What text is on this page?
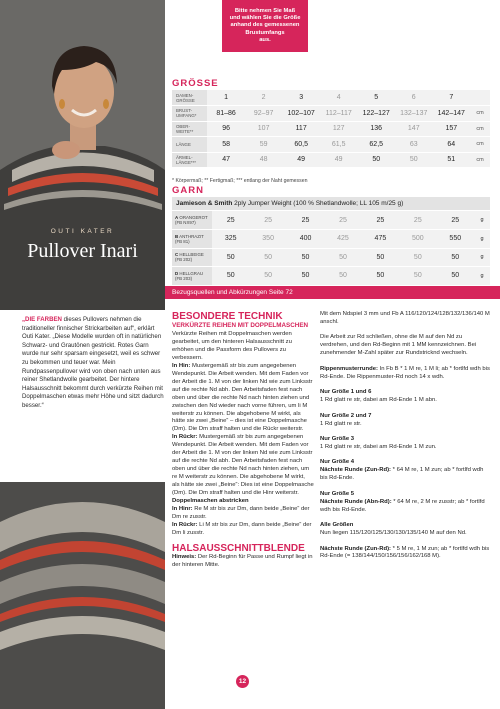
OUTI KATER
Pullover Inari
Bitte nehmen Sie Maß
und wählen Sie die Größe
anhand des gemessenen
Brustumfangs
aus.
GRÖSSE
DAMEN-
GRÖSSE	1	2	3	4	5	6	7	

BRUST-
UMFANG*	81–86	92–97	102–107	112–117	122–127	132–137	142–147	cm

OBER-
WEITE**	96	107	117	127	136	147	157	cm

LÄNGE	58	59	60,5	61,5	62,5	63	64	cm

ÄRMEL-
LÄNGE***	47	48	49	49	50	50	51	cm
* Körpermaß; ** Fertigmaß; *** entlang der Naht gemessen
GARN
Jamieson & Smith 2ply Jumper Weight (100 % Shetlandwolle; LL 105 m/25 g)
A ORANGEROT
(FB NX97)	25	25	25	25	25	25	25	g

B ANTHRAZIT
(FB 81)	325	350	400	425	475	500	550	g

C HELLBEIGE
(FB 202)	50	50	50	50	50	50	50	g

D HELLGRAU
(FB 203)	50	50	50	50	50	50	50	g
Bezugsquellen und Abkürzungen Seite 72
„DIE FARBEN dieses Pullovers nehmen die traditioneller finnischer Strickarbeiten auf“, erklärt Outi Kater. „Diese Modelle wurden oft in natürlichen Schwarz- und Grautönen gestrickt. Rotes Garn wurde nur sehr sparsam eingesetzt, weil es schwer zu bekommen und teuer war. Mein Rundpassenpullover wird von oben nach unten aus reiner Shetlandwolle gearbeitet. Der hintere Halsausschnitt bekommt durch verkürzte Reihen mit Doppelmaschen etwas mehr Höhe und sitzt dadurch besser.“
BESONDERE TECHNIK
VERKÜRZTE REIHEN MIT DOPPELMASCHEN
Verkürzte Reihen mit Doppelmaschen werden gearbeitet, um den hinteren Halsausschnitt zu erhöhen und die Passform des Pullovers zu verbessern.
In Hin: Mustergemäß str bis zum angegebenen Wendepunkt. Die Arbeit wenden. Mit dem Faden vor der Arbeit die 1. M von der linken Nd wie zum Linksstr auf die rechte Nd abh. Den Arbeitsfaden fest nach oben und über die rechte Nd nach hinten ziehen und zwischen den Nd wieder nach vorne führen, um li M weiterstr zu können. Die abgehobene M wirkt, als hätte sie zwei „Beine“ – dies ist eine Doppelmasche (Dm). Die Dm straff halten und die Rückr weiterstr.
In Rückr: Mustergemäß str bis zum angegebenen Wendepunkt. Die Arbeit wenden. Mit dem Faden vor der Arbeit die 1. M von der linken Nd wie zum Linksstr auf die rechte Nd abh. Den Arbeitsfaden fest nach oben und über die rechte Nd nach hinten ziehen, um re M weiterstr zu können. Die abgehobene M wirkt, als hätte sie zwei „Beine“: Dies ist eine Doppelmasche (Dm). Die Dm straff halten und die Hinr weiterstr.
Doppelmaschen abstricken
In Hinr: Re M str bis zur Dm, dann beide „Beine“ der Dm re zusstr.
In Rückr: Li M str bis zur Dm, dann beide „Beine“ der Dm li zusstr.
HALSAUSSCHNITTBLENDE
Hinweis: Der Rd-Beginn für Passe und Rumpf liegt in der hinteren Mitte.
Mit dem Ndspiel 3 mm und Fb A 116/120/124/128/132/136/140 M anschl.
Die Arbeit zur Rd schließen, ohne die M auf den Nd zu verdrehen, und den Rd-Beginn mit 1 MM kennzeichnen. Bei zunehmender M-Zahl später zur Rundstricknd wechseln.
Rippenmusterrunde: In Fb B * 1 M re, 1 M li; ab * fortlfd wdh bis Rd-Ende. Die Rippenmuster-Rd noch 14 x wdh.
Nur Größe 1 und 6
1 Rd glatt re str, dabei am Rd-Ende 1 M abn.
Nur Größe 2 und 7
1 Rd glatt re str.
Nur Größe 3
1 Rd glatt re str, dabei am Rd-Ende 1 M zun.
Nur Größe 4
Nächste Runde (Zun-Rd): * 64 M re, 1 M zun; ab * fortlfd wdh bis Rd-Ende.
Nur Größe 5
Nächste Runde (Abn-Rd): * 64 M re, 2 M re zusstr; ab * fortlfd wdh bis Rd-Ende.
Alle Größen
Nun liegen 115/120/125/130/130/135/140 M auf den Nd.
Nächste Runde (Zun-Rd): * 5 M re, 1 M zun; ab * fortlfd wdh bis Rd-Ende (= 138/144/150/156/156/162/168 M).
12
